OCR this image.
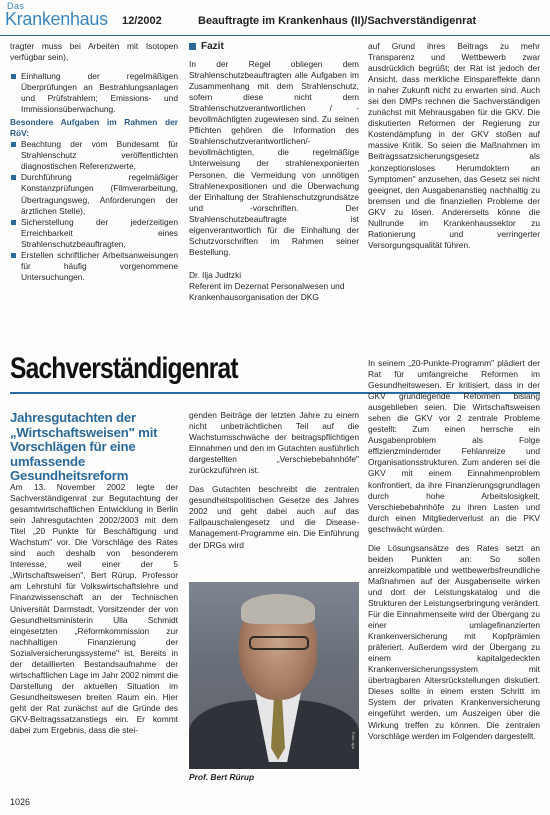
Das
Krankenhaus 12/2002	Beauftragte im Krankenhaus (II)/Sachverständigenrat

tragter muss bei Arbeiten mit Isotopen verfügbar sein),

Einhaltung der regelmäßigen Überprüfungen an Bestrahlungsanlagen und Prüfstrahlern; Emissions- und Immissionsüberwachung.

Besondere Aufgaben im Rahmen der RöV:

Beachtung der vom Bundesamt für Strahlenschutz veröffentlichten diagnostischen Referenzwerte,

Durchführung regelmäßiger Konstanzprüfungen (Filmverarbeitung, Übertragungsweg, Anforderungen der ärztlichen Stelle),

Sicherstellung der jederzeitigen Erreichbarkeit eines Strahlenschutzbeauftragten,

Erstellen schriftlicher Arbeitsanweisungen für häufig vorgenommene Untersuchungen.

Fazit

In der Regel obliegen dem Strahlenschutzbeauftragten alle Aufgaben im Zusammenhang mit dem Strahlenschutz, sofern diese nicht dem Strahlenschutzverantwortlichen / -bevollmächtigten zugewiesen sind. Zu seinen Pflichten gehören die Information des Strahlenschutzverantwortlichen/-bevollmächtigten, die regelmäßige Unterweisung der strahlenexponierten Personen, die Vermeidung von unnötigen Strahlenexpositionen und die Überwachung der Einhaltung der Strahlenschutzgrundsätze und -vorschriften. Der Strahlenschutzbeauftragte ist eigenverantwortlich für die Einhaltung der Schutzvorschriften im Rahmen seiner Bestellung.

Dr. Ilja Judtzki

Referent im Dezernat Personalwesen und Krankenhausorganisation der DKG

auf Grund ihres Beitrags zu mehr Transparenz und Wettbewerb zwar ausdrücklich begrüßt; der Rat ist jedoch der Ansicht, dass merkliche Einspareffekte dann in naher Zukunft nicht zu erwarten sind. Auch sei den DMPs rechnen die Sachverständigen zunächst mit Mehrausgaben für die GKV. Die diskutierten Reformen der Regierung zur Kostendämpfung in der GKV stoßen auf massive Kritik. So seien die Maßnahmen im Beitragssatzsicherungsgesetz als „konzeptionsloses Herumdoktern an Symptomen" anzusehen, das Gesetz sei nicht geeignet, den Ausgabenanstieg nachhaltig zu bremsen und die finanziellen Probleme der GKV zu lösen. Andererseits könne die Nullrunde im Krankenhaussektor zu Rationierung und verringerter Versorgungsqualität führen.

Sachverständigenrat
Jahresgutachten der „Wirtschaftsweisen" mit Vorschlägen für eine umfassende Gesundheitsreform

Am 13. November 2002 legte der Sachverständigenrat zur Begutachtung der gesamtwirtschaftlichen Entwicklung in Berlin sein Jahresgutachten 2002/2003 mit dem Titel „20 Punkte für Beschäftigung und Wachstum" vor. Die Vorschläge des Rates sind auch deshalb von besonderem Interesse, weil einer der 5 „Wirtschaftsweisen", Bert Rürup, Professor am Lehrstuhl für Volkswirtschaftslehre und Finanzwissenschaft an der Technischen Universität Darmstadt, Vorsitzender der von Gesundheitsministerin Ulla Schmidt eingesetzten „Reformkommission zur nachhaltigen Finanzierung der Sozialversicherungssysteme" ist. Bereits in der detaillierten Bestandsaufnahme der wirtschaftlichen Lage im Jahr 2002 nimmt die Darstellung der aktuellen Situation im Gesundheitswesen breiten Raum ein. Hier geht der Rat zunächst auf die Gründe des GKV-Beitragssatzanstiegs ein. Er kommt dabei zum Ergebnis, dass die stei-

genden Beiträge der letzten Jahre zu einem nicht unbeträchtlichen Teil auf die Wachstumsschwäche der beitragspflichtigen Einnahmen und den im Gutachten ausführlich dargestellten „Verschiebebahnhöfe" zurückzuführen ist.

Das Gutachten beschreibt die zentralen gesundheitspolitischen Gesetze des Jahres 2002 und geht dabei auch auf das Fallpauschalengesetz und die Disease-Management-Programme ein. Die Einführung der DRGs wird

Foto: dpa
Prof. Bert Rürup

In seinem „20-Punkte-Programm" plädiert der Rat für umfangreiche Reformen im Gesundheitswesen. Er kritisiert, dass in der GKV grundlegende Reformen bislang ausgeblieben seien. Die Wirtschaftsweisen sehen die GKV vor 2 zentrale Probleme gestellt: Zum einen herrsche ein Ausgabenproblem als Folge effizienzmindernder Fehlanreize und Organisationsstrukturen. Zum anderen sei die GKV mit einem Einnahmenproblem konfrontiert, da ihre Finanzierungsgrundlagen durch hohe Arbeitslosigkeit, Verschiebebahnhöfe zu ihren Lasten und durch einen Mitgliederverlust an die PKV geschwächt würden.

Die Lösungsansätze des Rates setzt an beiden Punkten an: So sollen anreizkompatible und wettbewerbsfreundliche Maßnahmen auf der Ausgabenseite wirken und dort der Leistungskatalog und die Strukturen der Leistungserbringung verändert. Für die Einnahmenseite wird der Übergang zu einer umlagefinanzierten Krankenversicherung mit Kopfprämien präferiert. Außerdem wird der Übergang zu einem kapitalgedeckten Krankenversicherungssystem mit übertragbaren Altersrückstellungen diskutiert. Dieses sollte in einem ersten Schritt im System der privaten Krankenversicherung eingeführt werden, um Auszeigen über die Wirkung treffen zu können. Die zentralen Vorschläge werden im Folgenden dargestellt.

1026
